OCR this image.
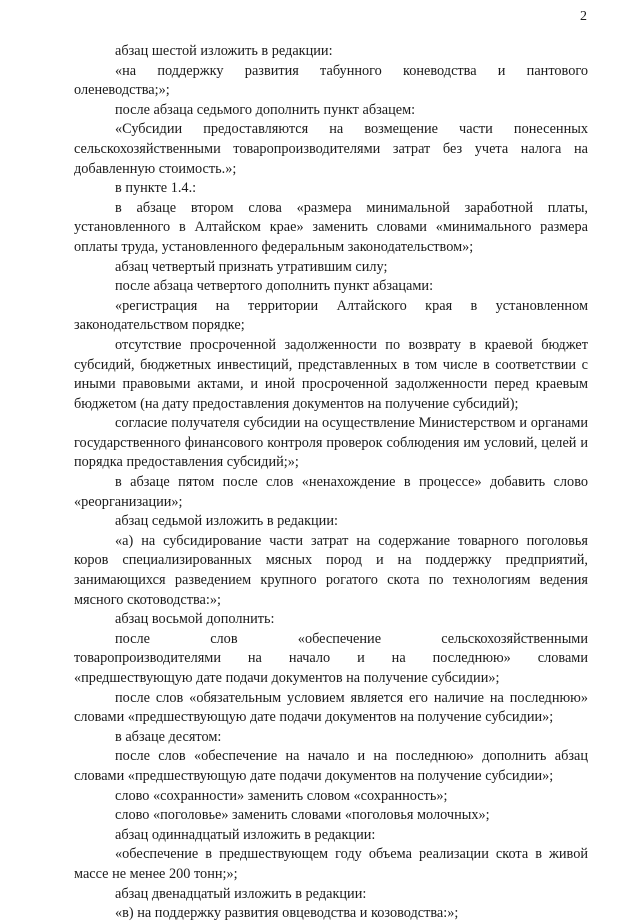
2

абзац шестой изложить в редакции:

«на поддержку развития табунного коневодства и пантового
оленеводства;»;

после абзаца седьмого дополнить пункт абзацем:

«Субсидии предоставляются на возмещение части понесенных сельскохозяйственными товаропроизводителями затрат без учета налога на добавленную стоимость.»;

в пункте 1.4.:

в абзаце втором слова «размера минимальной заработной платы, установленного в Алтайском крае» заменить словами «минимального размера оплаты труда, установленного федеральным законодательством»;

абзац четвертый признать утратившим силу;

после абзаца четвертого дополнить пункт абзацами:

«регистрация на территории Алтайского края в установленном законодательством порядке;

отсутствие просроченной задолженности по возврату в краевой бюджет субсидий, бюджетных инвестиций, представленных в том числе в соответствии с иными правовыми актами, и иной просроченной задолженности перед краевым бюджетом (на дату предоставления документов на получение субсидий);

согласие получателя субсидии на осуществление Министерством и органами государственного финансового контроля проверок соблюдения им условий, целей и порядка предоставления субсидий;»;

в абзаце пятом после слов «ненахождение в процессе» добавить слово «реорганизации»;

абзац седьмой изложить в редакции:

«а) на субсидирование части затрат на содержание товарного поголовья коров специализированных мясных пород и на поддержку предприятий, занимающихся разведением крупного рогатого скота по технологиям ведения мясного скотоводства:»;

абзац восьмой дополнить:

после слов «обеспечение сельскохозяйственными
товаропроизводителями на начало и на последнюю» словами
«предшествующую дате подачи документов на получение субсидии»;

после слов «обязательным условием является его наличие на последнюю» словами «предшествующую дате подачи документов на получение субсидии»;

в абзаце десятом:

после слов «обеспечение на начало и на последнюю» дополнить абзац словами «предшествующую дате подачи документов на получение субсидии»;

слово «сохранности» заменить словом «сохранность»;

слово «поголовье» заменить словами «поголовья молочных»;

абзац одиннадцатый изложить в редакции:

«обеспечение в предшествующем году объема реализации скота в живой массе не менее 200 тонн;»;

абзац двенадцатый изложить в редакции:

«в) на поддержку развития овцеводства и козоводства:»;
